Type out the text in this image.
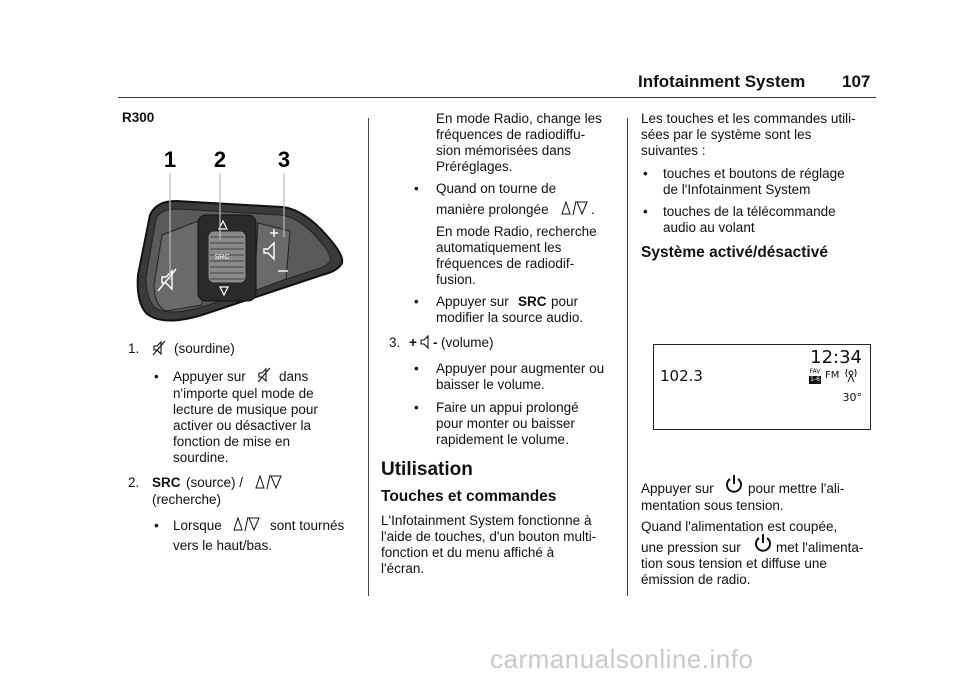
Infotainment System 107
R300
1 2 3
SRC
1.	(sourdine)
• Appuyer sur dans
n'importe quel mode de
lecture de musique pour
activer ou désactiver la
fonction de mise en
sourdine.
2. SRC (source) /
(recherche)
• Lorsque	sont tournés
vers le haut/bas.
En mode Radio, change les
fréquences de radiodiffu-
sion mémorisées dans
Préréglages.
• Quand on tourne de
manière prolongée	.
En mode Radio, recherche
automatiquement les
fréquences de radiodif-
fusion.
• Appuyer sur SRC pour
modifier la source audio.
3. + - (volume)
• Appuyer pour augmenter ou
baisser le volume.
• Faire un appui prolongé
pour monter ou baisser
rapidement le volume.
Utilisation
Touches et commandes
L'Infotainment System fonctionne à
l'aide de touches, d'un bouton multi-
fonction et du menu affiché à
l'écran.
Les touches et les commandes utili-
sées par le système sont les
suivantes :
• touches et boutons de réglage
de l'Infotainment System
• touches de la télécommande
audio au volant
Système activé/désactivé
12:34
102.3	FAV
1-6 FM
30°
Appuyer sur	pour mettre l'ali-
mentation sous tension.
Quand l'alimentation est coupée,
une pression sur	met l'alimenta-
tion sous tension et diffuse une
émission de radio.
carmanualsonline.info
